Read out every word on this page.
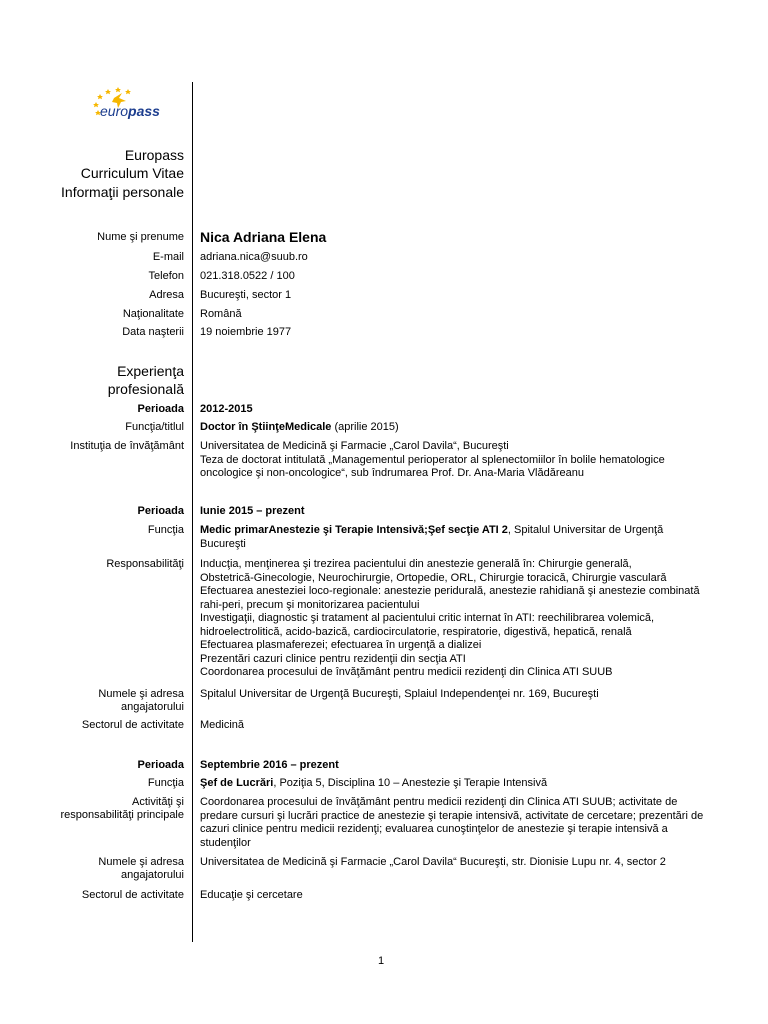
europass
Europass
Curriculum Vitae
Informaţii personale
Nume şi prenume Nica Adriana Elena
E-mail adriana.nica@suub.ro
Telefon 021.318.0522 / 100
Adresa Bucureşti, sector 1
Naţionalitate Română
Data naşterii 19 noiembrie 1977
Experienţa
profesională
Perioada 2012-2015
Funcţia/titlul Doctor în ŞtiinţeMedicale (aprilie 2015)
Instituţia de învăţământ Universitatea de Medicină şi Farmacie „Carol Davila“, Bucureşti
Teza de doctorat intitulată „Managementul perioperator al splenectomiilor în bolile hematologice
oncologice şi non-oncologice“, sub îndrumarea Prof. Dr. Ana-Maria Vlădăreanu
Perioada Iunie 2015 – prezent
Funcţia Medic primarAnestezie şi Terapie Intensivă;Şef secţie ATI 2, Spitalul Universitar de Urgenţă
Bucureşti
Responsabilităţi Inducţia, menţinerea şi trezirea pacientului din anestezie generală în: Chirurgie generală,
Obstetrică-Ginecologie, Neurochirurgie, Ortopedie, ORL, Chirurgie toracică, Chirurgie vasculară
Efectuarea anesteziei loco-regionale: anestezie peridurală, anestezie rahidiană şi anestezie combinată
rahi-peri, precum şi monitorizarea pacientului
Investigaţii, diagnostic şi tratament al pacientului critic internat în ATI: reechilibrarea volemică,
hidroelectrolitică, acido-bazică, cardiocirculatorie, respiratorie, digestivă, hepatică, renală
Efectuarea plasmaferezei; efectuarea în urgenţă a dializei
Prezentări cazuri clinice pentru rezidenţii din secţia ATI
Coordonarea procesului de învăţământ pentru medicii rezidenţi din Clinica ATI SUUB
Numele şi adresa
angajatorului
Spitalul Universitar de Urgenţă Bucureşti, Splaiul Independenţei nr. 169, Bucureşti
Sectorul de activitate Medicină
Perioada Septembrie 2016 – prezent
Funcţia Şef de Lucrări, Poziţia 5, Disciplina 10 – Anestezie şi Terapie Intensivă
Activităţi şi
responsabilităţi principale
Coordonarea procesului de învăţământ pentru medicii rezidenţi din Clinica ATI SUUB; activitate de
predare cursuri şi lucrări practice de anestezie şi terapie intensivă, activitate de cercetare; prezentări de
cazuri clinice pentru medicii rezidenţi; evaluarea cunoştinţelor de anestezie şi terapie intensivă a
studenţilor
Numele şi adresa
angajatorului
Universitatea de Medicină şi Farmacie „Carol Davila“ Bucureşti, str. Dionisie Lupu nr. 4, sector 2
Sectorul de activitate Educaţie şi cercetare
1
